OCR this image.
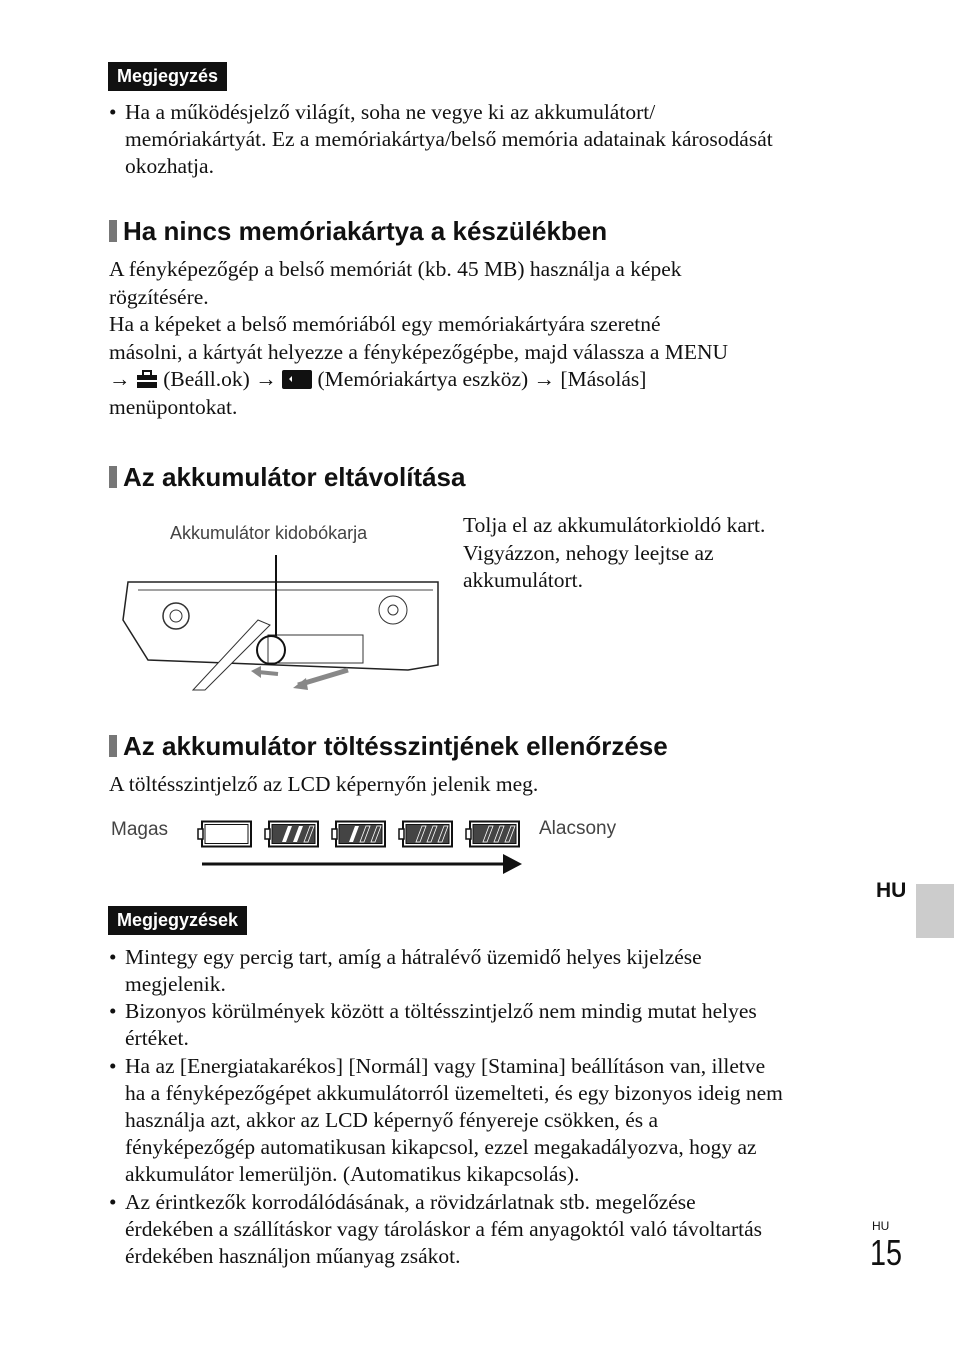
Megjegyzés
• Ha a működésjelző világít, soha ne vegye ki az akkumulátort/
memóriakártyát. Ez a memóriakártya/belső memória adatainak károsodását
okozhatja.
Ha nincs memóriakártya a készülékben
A fényképezőgép a belső memóriát (kb. 45 MB) használja a képek
rögzítésére.
Ha a képeket a belső memóriából egy memóriakártyára szeretné
másolni, a kártyát helyezze a fényképezőgépbe, majd válassza a MENU
→ (Beáll.ok) → (Memóriakártya eszköz) → [Másolás]
menüpontokat.
Az akkumulátor eltávolítása
Akkumulátor kidobókarja	Tolja el az akkumulátorkioldó kart.
Vigyázzon, nehogy leejtse az
akkumulátort.
Az akkumulátor töltésszintjének ellenőrzése
A töltésszintjelző az LCD képernyőn jelenik meg.
Magas	Alacsony
Megjegyzések
• Mintegy egy percig tart, amíg a hátralévő üzemidő helyes kijelzése
megjelenik.
• Bizonyos körülmények között a töltésszintjelző nem mindig mutat helyes
értéket.
• Ha az [Energiatakarékos] [Normál] vagy [Stamina] beállításon van, illetve
ha a fényképezőgépet akkumulátorról üzemelteti, és egy bizonyos ideig nem
használja azt, akkor az LCD képernyő fényereje csökken, és a
fényképezőgép automatikusan kikapcsol, ezzel megakadályozva, hogy az
akkumulátor lemerüljön. (Automatikus kikapcsolás).
• Az érintkezők korrodálódásának, a rövidzárlatnak stb. megelőzése
érdekében a szállításkor vagy tároláskor a fém anyagoktól való távoltartás
érdekében használjon műanyag zsákot.
HU
HU
15
